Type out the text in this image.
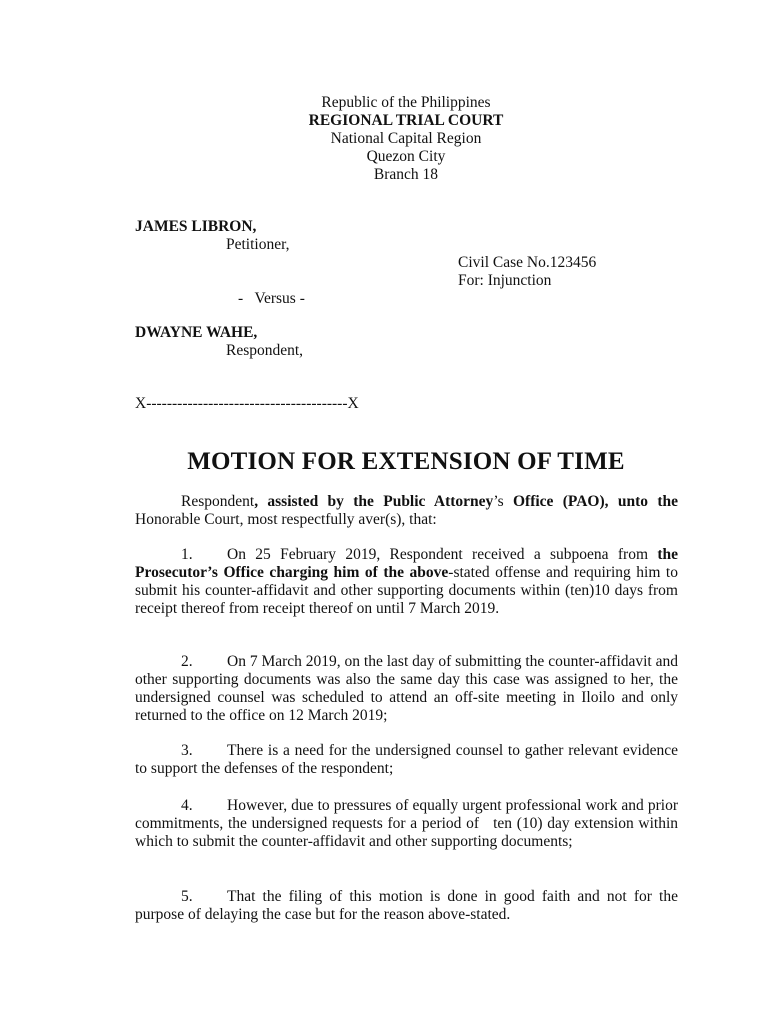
Republic of the Philippines
REGIONAL TRIAL COURT
National Capital Region
Quezon City
Branch 18
JAMES LIBRON,
Petitioner,
Civil Case No.123456
For: Injunction
-   Versus -
DWAYNE WAHE,
Respondent,
X---------------------------------------X
MOTION FOR EXTENSION OF TIME
Respondent, assisted by the Public Attorney’s Office (PAO), unto the Honorable Court, most respectfully aver(s), that:
1. On 25 February 2019, Respondent received a subpoena from the Prosecutor’s Office charging him of the above-stated offense and requiring him to submit his counter-affidavit and other supporting documents within (ten)10 days from receipt thereof from receipt thereof on until 7 March 2019.
2. On 7 March 2019, on the last day of submitting the counter-affidavit and other supporting documents was also the same day this case was assigned to her, the undersigned counsel was scheduled to attend an off-site meeting in Iloilo and only returned to the office on 12 March 2019;
3. There is a need for the undersigned counsel to gather relevant evidence to support the defenses of the respondent;
4. However, due to pressures of equally urgent professional work and prior commitments, the undersigned requests for a period of   ten (10) day extension within which to submit the counter-affidavit and other supporting documents;
5. That the filing of this motion is done in good faith and not for the purpose of delaying the case but for the reason above-stated.
